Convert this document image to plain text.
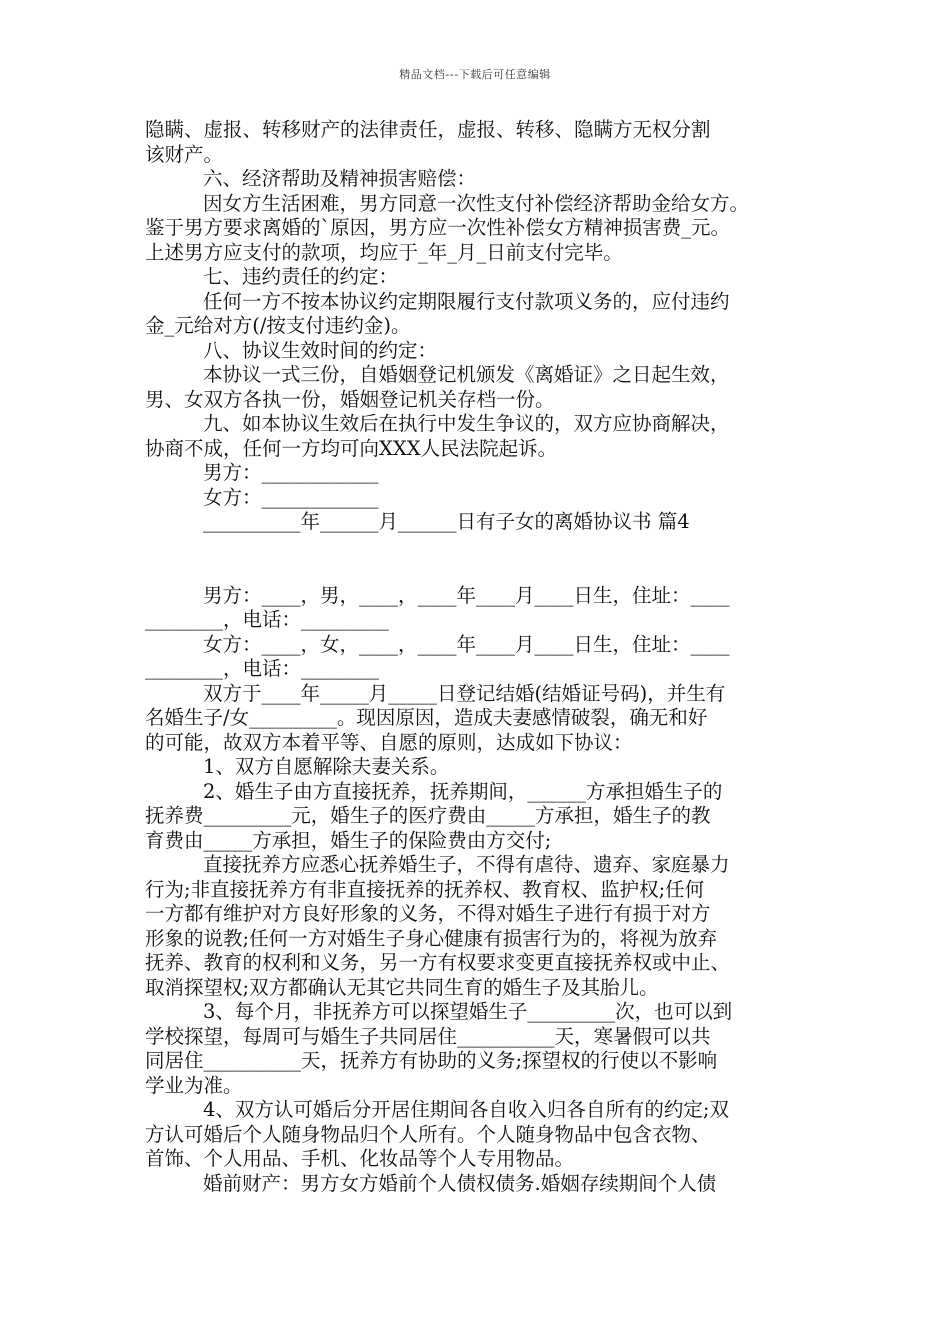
精品文档---下载后可任意编辑
隐瞒、虚报、转移财产的法律责任，虚报、转移、隐瞒方无权分割
该财产。
六、经济帮助及精神损害赔偿：
因女方生活困难，男方同意一次性支付补偿经济帮助金给女方。
鉴于男方要求离婚的`原因，男方应一次性补偿女方精神损害费_元。
上述男方应支付的款项，均应于_年_月_日前支付完毕。
七、违约责任的约定：
任何一方不按本协议约定期限履行支付款项义务的，应付违约
金_元给对方(/按支付违约金)。
八、协议生效时间的约定：
本协议一式三份，自婚姻登记机颁发《离婚证》之日起生效，
男、女双方各执一份，婚姻登记机关存档一份。
九、如本协议生效后在执行中发生争议的，双方应协商解决，
协商不成，任何一方均可向XXX人民法院起诉。
男方：____________
女方：____________
__________年______月______日有子女的离婚协议书 篇4
男方：____，男，____，____年____月____日生，住址：____
________，电话：_________
女方：____，女，____，____年____月____日生，住址：____
________，电话：________
双方于____年_____月_____日登记结婚(结婚证号码)，并生有
名婚生子/女_________。现因原因，造成夫妻感情破裂，确无和好
的可能，故双方本着平等、自愿的原则，达成如下协议：
1、双方自愿解除夫妻关系。
2、婚生子由方直接抚养，抚养期间，______方承担婚生子的
抚养费_________元，婚生子的医疗费由_____方承担，婚生子的教
育费由_____方承担，婚生子的保险费由方交付;
直接抚养方应悉心抚养婚生子，不得有虐待、遗弃、家庭暴力
行为;非直接抚养方有非直接抚养的抚养权、教育权、监护权;任何
一方都有维护对方良好形象的义务，不得对婚生子进行有损于对方
形象的说教;任何一方对婚生子身心健康有损害行为的，将视为放弃
抚养、教育的权利和义务，另一方有权要求变更直接抚养权或中止、
取消探望权;双方都确认无其它共同生育的婚生子及其胎儿。
3、每个月，非抚养方可以探望婚生子_________次，也可以到
学校探望，每周可与婚生子共同居住__________天，寒暑假可以共
同居住__________天，抚养方有协助的义务;探望权的行使以不影响
学业为准。
4、双方认可婚后分开居住期间各自收入归各自所有的约定;双
方认可婚后个人随身物品归个人所有。个人随身物品中包含衣物、
首饰、个人用品、手机、化妆品等个人专用物品。
婚前财产：男方女方婚前个人债权债务.婚姻存续期间个人债
